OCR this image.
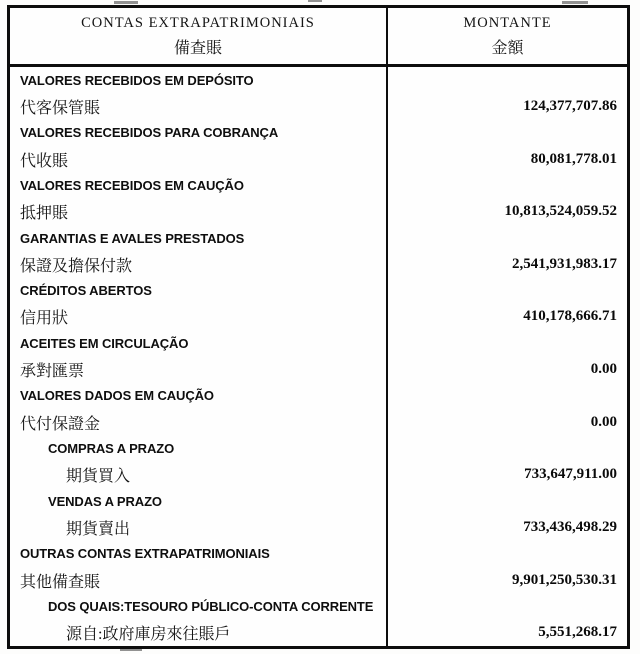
CONTAS EXTRAPATRIMONIAIS
備查賬
MONTANTE
金額
VALORES RECEBIDOS EM DEPÓSITO
代客保管賬	124,377,707.86
VALORES RECEBIDOS PARA COBRANÇA
代收賬	80,081,778.01
VALORES RECEBIDOS EM CAUÇÃO
抵押賬	10,813,524,059.52
GARANTIAS E AVALES PRESTADOS
保證及擔保付款	2,541,931,983.17
CRÉDITOS ABERTOS
信用狀	410,178,666.71
ACEITES EM CIRCULAÇÃO
承對匯票	0.00
VALORES DADOS EM CAUÇÃO
代付保證金	0.00
COMPRAS A PRAZO
期貨買入	733,647,911.00
VENDAS A PRAZO
期貨賣出	733,436,498.29
OUTRAS CONTAS EXTRAPATRIMONIAIS
其他備查賬	9,901,250,530.31
DOS QUAIS:TESOURO PÚBLICO-CONTA CORRENTE
源自:政府庫房來往賬戶	5,551,268.17
